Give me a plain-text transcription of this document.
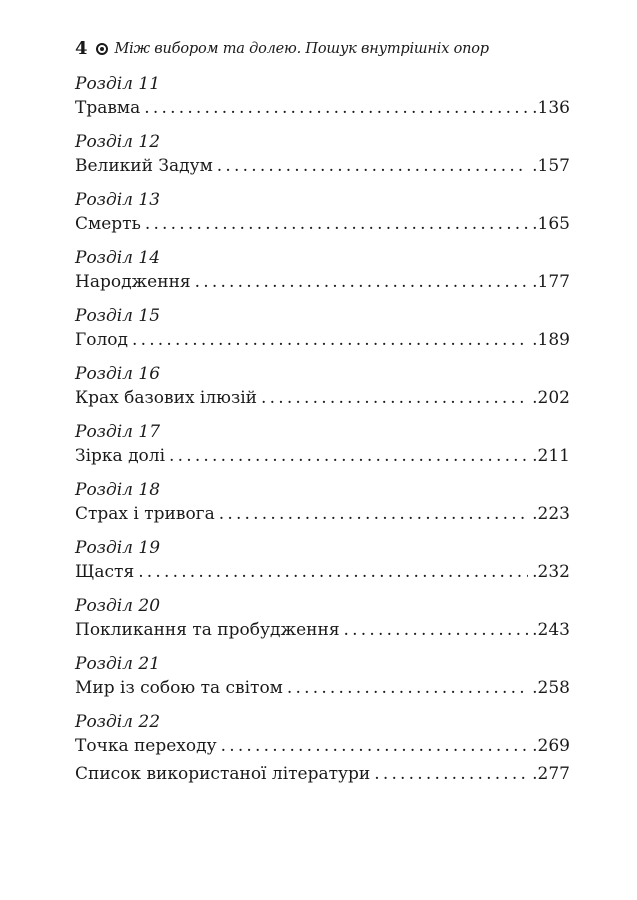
4 Між вибором та долею. Пошук внутрішніх опор
Розділ 11
Травма .....	.136
Розділ 12
Великий Задум .....	.157
Розділ 13
Смерть .....	.165
Розділ 14
Народження .....	.177
Розділ 15
Голод .....	.189
Розділ 16
Крах базових ілюзій .....	.202
Розділ 17
Зірка долі .....	.211
Розділ 18
Страх і тривога .....	.223
Розділ 19
Щастя .....	.232
Розділ 20
Покликання та пробудження .....	.243
Розділ 21
Мир із собою та світом .....	.258
Розділ 22
Точка переходу .....	.269
Список використаної літератури .....	.277
